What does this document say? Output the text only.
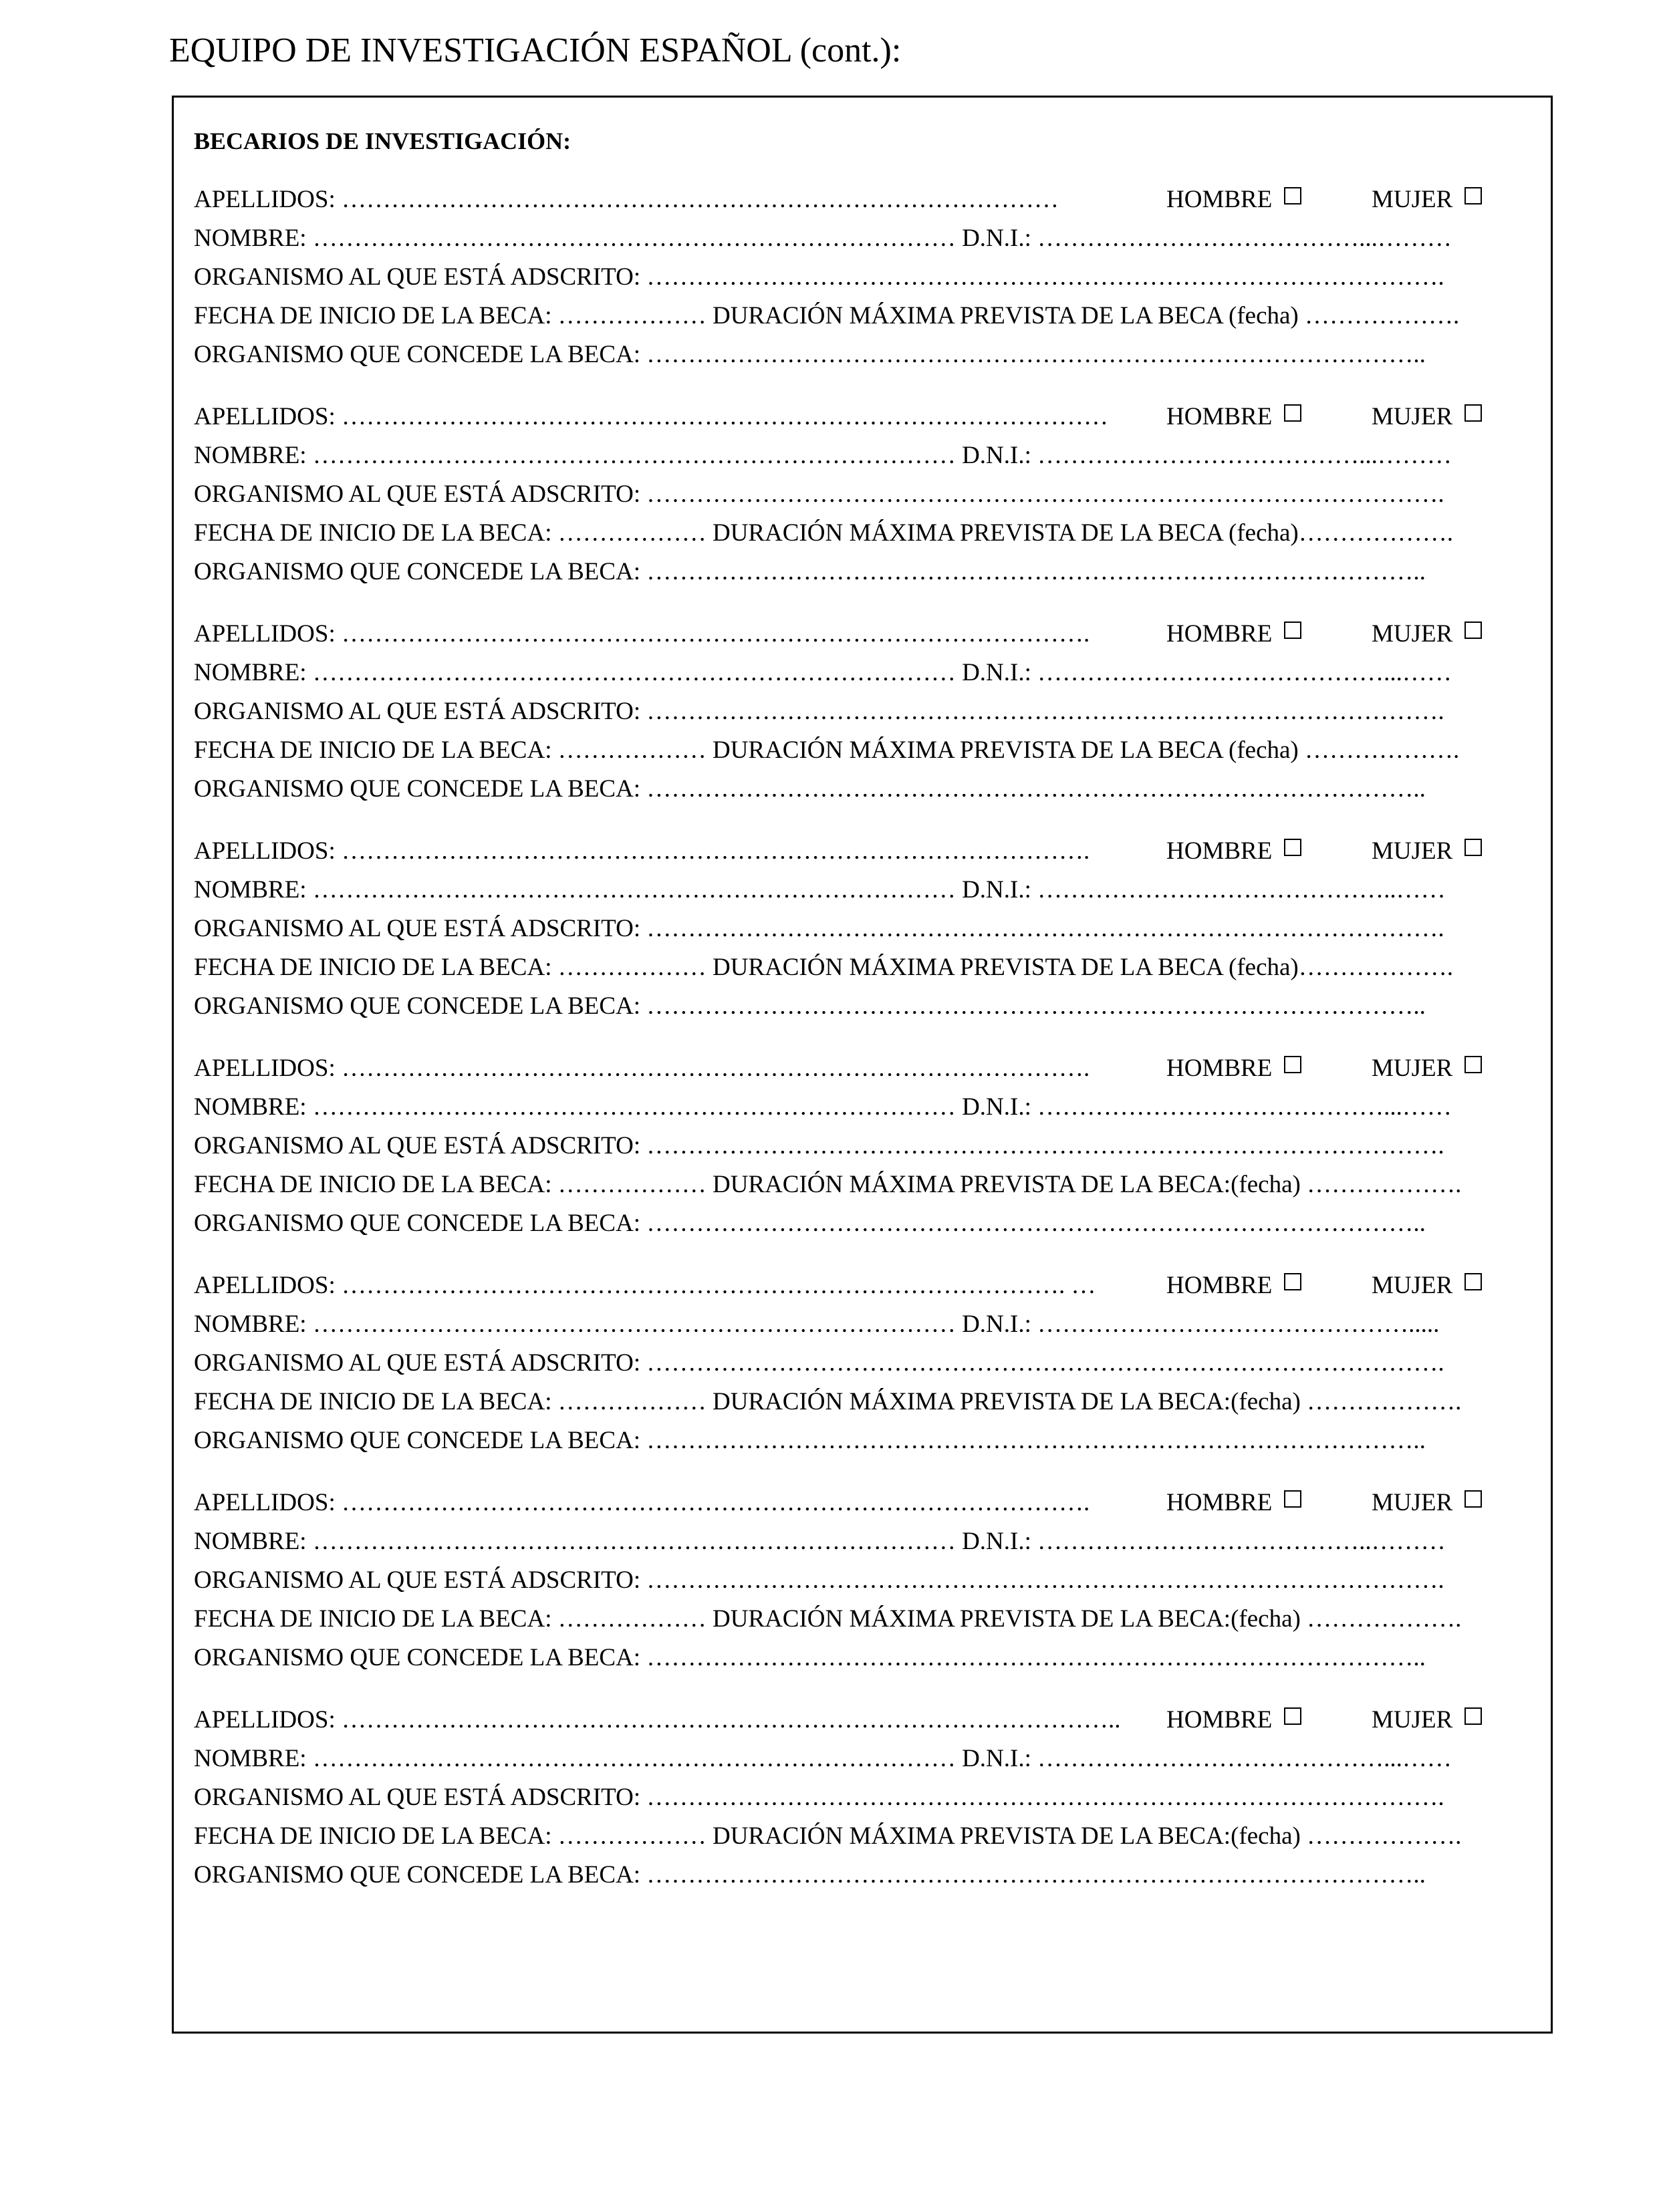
EQUIPO DE INVESTIGACIÓN ESPAÑOL (cont.):
BECARIOS DE INVESTIGACIÓN:
APELLIDOS: ……………………………………………………………………………	HOMBRE	MUJER
NOMBRE: …………………………………………………………………… D.N.I.: …………………………………...………
ORGANISMO AL QUE ESTÁ ADSCRITO: …………………………………………………………………………………….
FECHA DE INICIO DE LA BECA: ……………… DURACIÓN MÁXIMA PREVISTA DE LA BECA (fecha) ……………….
ORGANISMO QUE CONCEDE LA BECA: …………………………………………………………………………………..
APELLIDOS: ………………………………………………………………………………… HOMBRE	MUJER
NOMBRE: …………………………………………………………………… D.N.I.: …………………………………...………
ORGANISMO AL QUE ESTÁ ADSCRITO: …………………………………………………………………………………….
FECHA DE INICIO DE LA BECA: ……………… DURACIÓN MÁXIMA PREVISTA DE LA BECA (fecha)……………….
ORGANISMO QUE CONCEDE LA BECA: …………………………………………………………………………………..
APELLIDOS: ……………………………………………………………………………….	HOMBRE	MUJER
NOMBRE: …………………………………………………………………… D.N.I.: ……………………………………...……
ORGANISMO AL QUE ESTÁ ADSCRITO: …………………………………………………………………………………….
FECHA DE INICIO DE LA BECA: ……………… DURACIÓN MÁXIMA PREVISTA DE LA BECA (fecha) ……………….
ORGANISMO QUE CONCEDE LA BECA: …………………………………………………………………………………..
APELLIDOS: ……………………………………………………………………………….	HOMBRE	MUJER
NOMBRE: …………………………………………………………………… D.N.I.: ……………………………………..……
ORGANISMO AL QUE ESTÁ ADSCRITO: …………………………………………………………………………………….
FECHA DE INICIO DE LA BECA: ……………… DURACIÓN MÁXIMA PREVISTA DE LA BECA (fecha)……………….
ORGANISMO QUE CONCEDE LA BECA: …………………………………………………………………………………..
APELLIDOS: ……………………………………………………………………………….	HOMBRE	MUJER
NOMBRE: …………………………………………………………………… D.N.I.: ……………………………………...……
ORGANISMO AL QUE ESTÁ ADSCRITO: …………………………………………………………………………………….
FECHA DE INICIO DE LA BECA: ……………… DURACIÓN MÁXIMA PREVISTA DE LA BECA:(fecha) ……………….
ORGANISMO QUE CONCEDE LA BECA: …………………………………………………………………………………..
APELLIDOS: ……………………………………………………………………………. …	HOMBRE	MUJER
NOMBRE: …………………………………………………………………… D.N.I.: ……………………………………….....
ORGANISMO AL QUE ESTÁ ADSCRITO: …………………………………………………………………………………….
FECHA DE INICIO DE LA BECA: ……………… DURACIÓN MÁXIMA PREVISTA DE LA BECA:(fecha) ……………….
ORGANISMO QUE CONCEDE LA BECA: …………………………………………………………………………………..
APELLIDOS: ……………………………………………………………………………….	HOMBRE	MUJER
NOMBRE: …………………………………………………………………… D.N.I.: …………………………………..………
ORGANISMO AL QUE ESTÁ ADSCRITO: …………………………………………………………………………………….
FECHA DE INICIO DE LA BECA: ……………… DURACIÓN MÁXIMA PREVISTA DE LA BECA:(fecha) ……………….
ORGANISMO QUE CONCEDE LA BECA: …………………………………………………………………………………..
APELLIDOS: ………………………………………………………………………………….. HOMBRE	MUJER
NOMBRE: …………………………………………………………………… D.N.I.: ……………………………………...……
ORGANISMO AL QUE ESTÁ ADSCRITO: …………………………………………………………………………………….
FECHA DE INICIO DE LA BECA: ……………… DURACIÓN MÁXIMA PREVISTA DE LA BECA:(fecha) ……………….
ORGANISMO QUE CONCEDE LA BECA: …………………………………………………………………………………..
